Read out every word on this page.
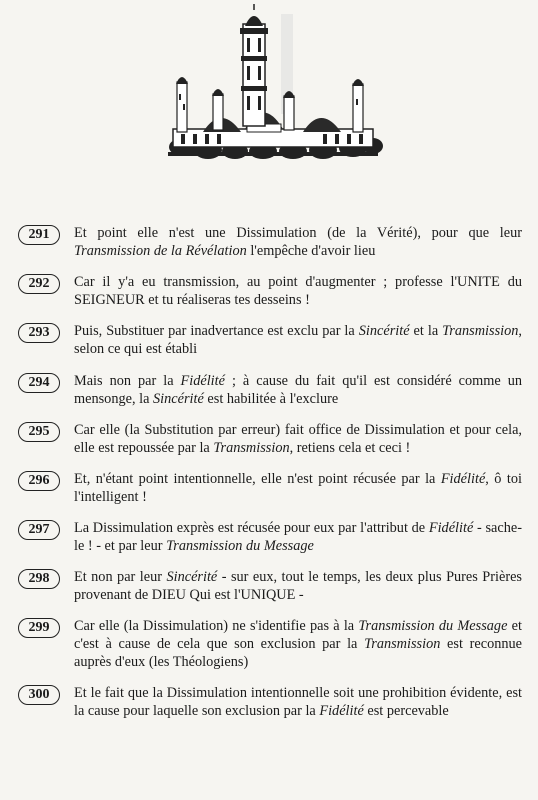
291	Et point elle n'est une Dissimulation (de la Vérité), pour que leur Transmission de la Révélation l'empêche d'avoir lieu
292	Car il y'a eu transmission, au point d'augmenter ; professe l'UNITE du SEIGNEUR et tu réaliseras tes desseins !
293	Puis, Substituer par inadvertance est exclu par la Sincérité et la Transmission, selon ce qui est établi
294	Mais non par la Fidélité ; à cause du fait qu'il est considéré comme un mensonge, la Sincérité est habilitée à l'exclure
295	Car elle (la Substitution par erreur) fait office de Dissimulation et pour cela, elle est repoussée par la Transmission, retiens cela et ceci !
296	Et, n'étant point intentionnelle, elle n'est point récusée par la Fidélité, ô toi l'intelligent !
297	La Dissimulation exprès est récusée pour eux par l'attribut de Fidélité - sache-le ! - et par leur Transmission du Message
298	Et non par leur Sincérité - sur eux, tout le temps, les deux plus Pures Prières provenant de DIEU Qui est l'UNIQUE -
299	Car elle (la Dissimulation) ne s'identifie pas à la Transmission du Message et c'est à cause de cela que son exclusion par la Transmission est reconnue auprès d'eux (les Théologiens)
300	Et le fait que la Dissimulation intentionnelle soit une prohibition évidente, est la cause pour laquelle son exclusion par la Fidélité est percevable
